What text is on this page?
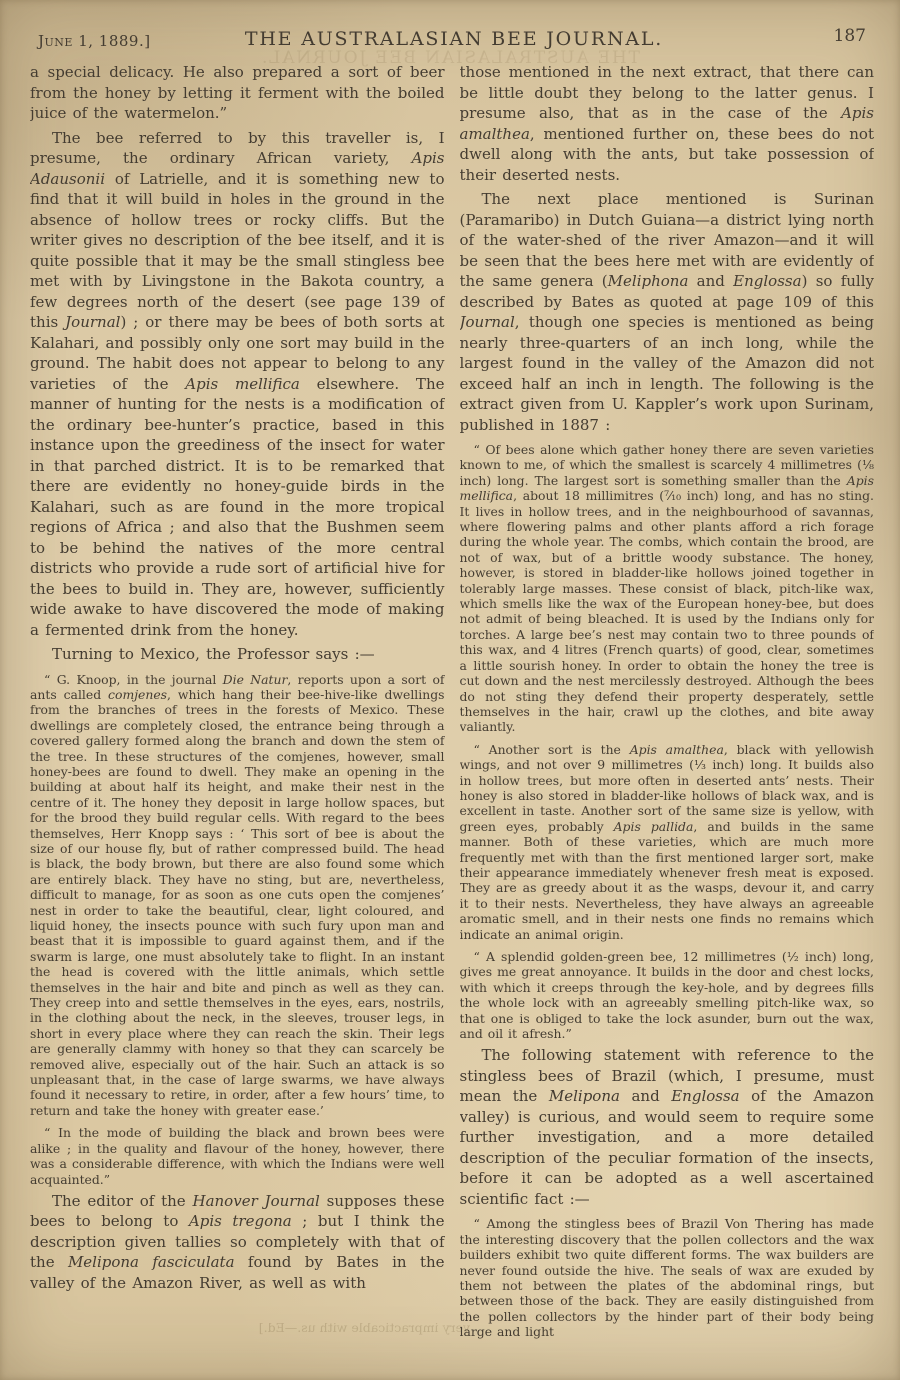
June 1, 1889.]	THE AUSTRALASIAN BEE JOURNAL.	187
THE AUSTRALASIAN BEE JOURNAL.
very impracticable with us.—Ed.]

a special delicacy. He also prepared a sort of beer from the honey by letting it ferment with the boiled juice of the watermelon.”

The bee referred to by this traveller is, I presume, the ordinary African variety, Apis Adausonii of Latrielle, and it is something new to find that it will build in holes in the ground in the absence of hollow trees or rocky cliffs. But the writer gives no description of the bee itself, and it is quite possible that it may be the small stingless bee met with by Livingstone in the Bakota country, a few degrees north of the desert (see page 139 of this Journal) ; or there may be bees of both sorts at Kalahari, and possibly only one sort may build in the ground. The habit does not appear to belong to any varieties of the Apis mellifica elsewhere. The manner of hunting for the nests is a modification of the ordinary bee-hunter’s practice, based in this instance upon the greediness of the insect for water in that parched district. It is to be remarked that there are evidently no honey-guide birds in the Kalahari, such as are found in the more tropical regions of Africa ; and also that the Bushmen seem to be behind the natives of the more central districts who provide a rude sort of artificial hive for the bees to build in. They are, however, sufficiently wide awake to have discovered the mode of making a fermented drink from the honey.

Turning to Mexico, the Professor says :—

“ G. Knoop, in the journal Die Natur, reports upon a sort of ants called comjenes, which hang their bee-hive-like dwellings from the branches of trees in the forests of Mexico. These dwellings are completely closed, the entrance being through a covered gallery formed along the branch and down the stem of the tree. In these structures of the comjenes, however, small honey-bees are found to dwell. They make an opening in the building at about half its height, and make their nest in the centre of it. The honey they deposit in large hollow spaces, but for the brood they build regular cells. With regard to the bees themselves, Herr Knopp says : ‘ This sort of bee is about the size of our house fly, but of rather compressed build. The head is black, the body brown, but there are also found some which are entirely black. They have no sting, but are, nevertheless, difficult to manage, for as soon as one cuts open the comjenes’ nest in order to take the beautiful, clear, light coloured, and liquid honey, the insects pounce with such fury upon man and beast that it is impossible to guard against them, and if the swarm is large, one must absolutely take to flight. In an instant the head is covered with the little animals, which settle themselves in the hair and bite and pinch as well as they can. They creep into and settle themselves in the eyes, ears, nostrils, in the clothing about the neck, in the sleeves, trouser legs, in short in every place where they can reach the skin. Their legs are generally clammy with honey so that they can scarcely be removed alive, especially out of the hair. Such an attack is so unpleasant that, in the case of large swarms, we have always found it necessary to retire, in order, after a few hours’ time, to return and take the honey with greater ease.’

“ In the mode of building the black and brown bees were alike ; in the quality and flavour of the honey, however, there was a considerable difference, with which the Indians were well acquainted.”

The editor of the Hanover Journal supposes these bees to belong to Apis tregona ; but I think the description given tallies so completely with that of the Melipona fasciculata found by Bates in the valley of the Amazon River, as well as with

those mentioned in the next extract, that there can be little doubt they belong to the latter genus. I presume also, that as in the case of the Apis amalthea, mentioned further on, these bees do not dwell along with the ants, but take possession of their deserted nests.

The next place mentioned is Surinan (Paramaribo) in Dutch Guiana—a district lying north of the water-shed of the river Amazon—and it will be seen that the bees here met with are evidently of the same genera (Meliphona and Englossa) so fully described by Bates as quoted at page 109 of this Journal, though one species is mentioned as being nearly three-quarters of an inch long, while the largest found in the valley of the Amazon did not exceed half an inch in length. The following is the extract given from U. Kappler’s work upon Surinam, published in 1887 :

“ Of bees alone which gather honey there are seven varieties known to me, of which the smallest is scarcely 4 millimetres (⅛ inch) long. The largest sort is something smaller than the Apis mellifica, about 18 millimitres (⁷⁄₁₀ inch) long, and has no sting. It lives in hollow trees, and in the neighbourhood of savannas, where flowering palms and other plants afford a rich forage during the whole year. The combs, which contain the brood, are not of wax, but of a brittle woody substance. The honey, however, is stored in bladder-like hollows joined together in tolerably large masses. These consist of black, pitch-like wax, which smells like the wax of the European honey-bee, but does not admit of being bleached. It is used by the Indians only for torches. A large bee’s nest may contain two to three pounds of this wax, and 4 litres (French quarts) of good, clear, sometimes a little sourish honey. In order to obtain the honey the tree is cut down and the nest mercilessly destroyed. Although the bees do not sting they defend their property desperately, settle themselves in the hair, crawl up the clothes, and bite away valiantly.

“ Another sort is the Apis amalthea, black with yellowish wings, and not over 9 millimetres (⅓ inch) long. It builds also in hollow trees, but more often in deserted ants’ nests. Their honey is also stored in bladder-like hollows of black wax, and is excellent in taste. Another sort of the same size is yellow, with green eyes, probably Apis pallida, and builds in the same manner. Both of these varieties, which are much more frequently met with than the first mentioned larger sort, make their appearance immediately whenever fresh meat is exposed. They are as greedy about it as the wasps, devour it, and carry it to their nests. Nevertheless, they have always an agreeable aromatic smell, and in their nests one finds no remains which indicate an animal origin.

“ A splendid golden-green bee, 12 millimetres (½ inch) long, gives me great annoyance. It builds in the door and chest locks, with which it creeps through the key-hole, and by degrees fills the whole lock with an agreeably smelling pitch-like wax, so that one is obliged to take the lock asunder, burn out the wax, and oil it afresh.”

The following statement with reference to the stingless bees of Brazil (which, I presume, must mean the Melipona and Englossa of the Amazon valley) is curious, and would seem to require some further investigation, and a more detailed description of the peculiar formation of the insects, before it can be adopted as a well ascertained scientific fact :—

“ Among the stingless bees of Brazil Von Thering has made the interesting discovery that the pollen collectors and the wax builders exhibit two quite different forms. The wax builders are never found outside the hive. The seals of wax are exuded by them not between the plates of the abdominal rings, but between those of the back. They are easily distinguished from the pollen collectors by the hinder part of their body being large and light
